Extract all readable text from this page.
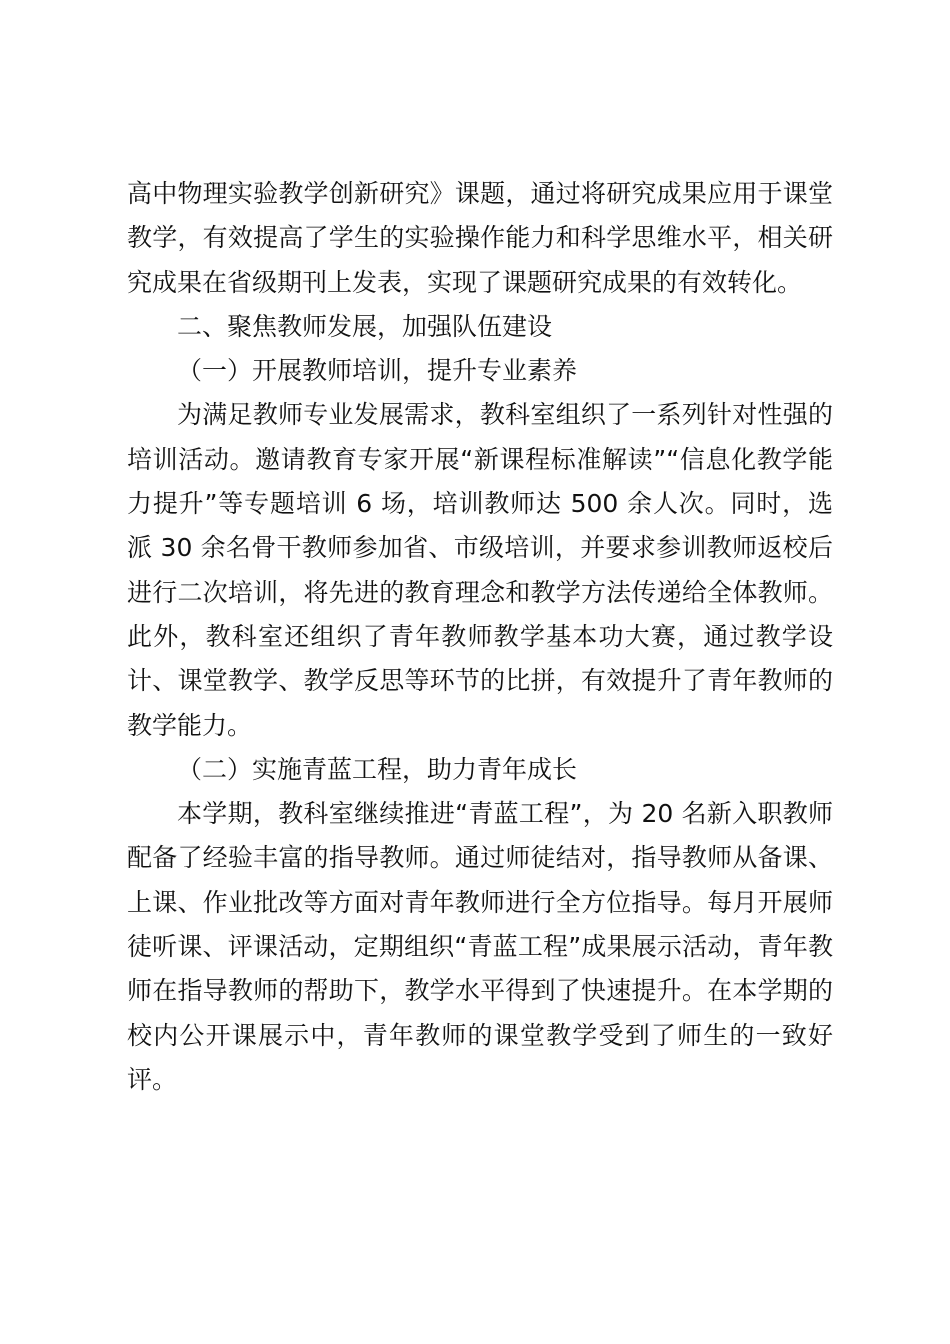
高中物理实验教学创新研究》课题，通过将研究成果应用于课堂教学，有效提高了学生的实验操作能力和科学思维水平，相关研究成果在省级期刊上发表，实现了课题研究成果的有效转化。

二、聚焦教师发展，加强队伍建设

（一）开展教师培训，提升专业素养

为满足教师专业发展需求，教科室组织了一系列针对性强的培训活动。邀请教育专家开展“新课程标准解读”“信息化教学能力提升”等专题培训 6 场，培训教师达 500 余人次。同时，选派 30 余名骨干教师参加省、市级培训，并要求参训教师返校后进行二次培训，将先进的教育理念和教学方法传递给全体教师。此外，教科室还组织了青年教师教学基本功大赛，通过教学设计、课堂教学、教学反思等环节的比拼，有效提升了青年教师的教学能力。

（二）实施青蓝工程，助力青年成长

本学期，教科室继续推进“青蓝工程”，为 20 名新入职教师配备了经验丰富的指导教师。通过师徒结对，指导教师从备课、上课、作业批改等方面对青年教师进行全方位指导。每月开展师徒听课、评课活动，定期组织“青蓝工程”成果展示活动，青年教师在指导教师的帮助下，教学水平得到了快速提升。在本学期的校内公开课展示中，青年教师的课堂教学受到了师生的一致好评。
